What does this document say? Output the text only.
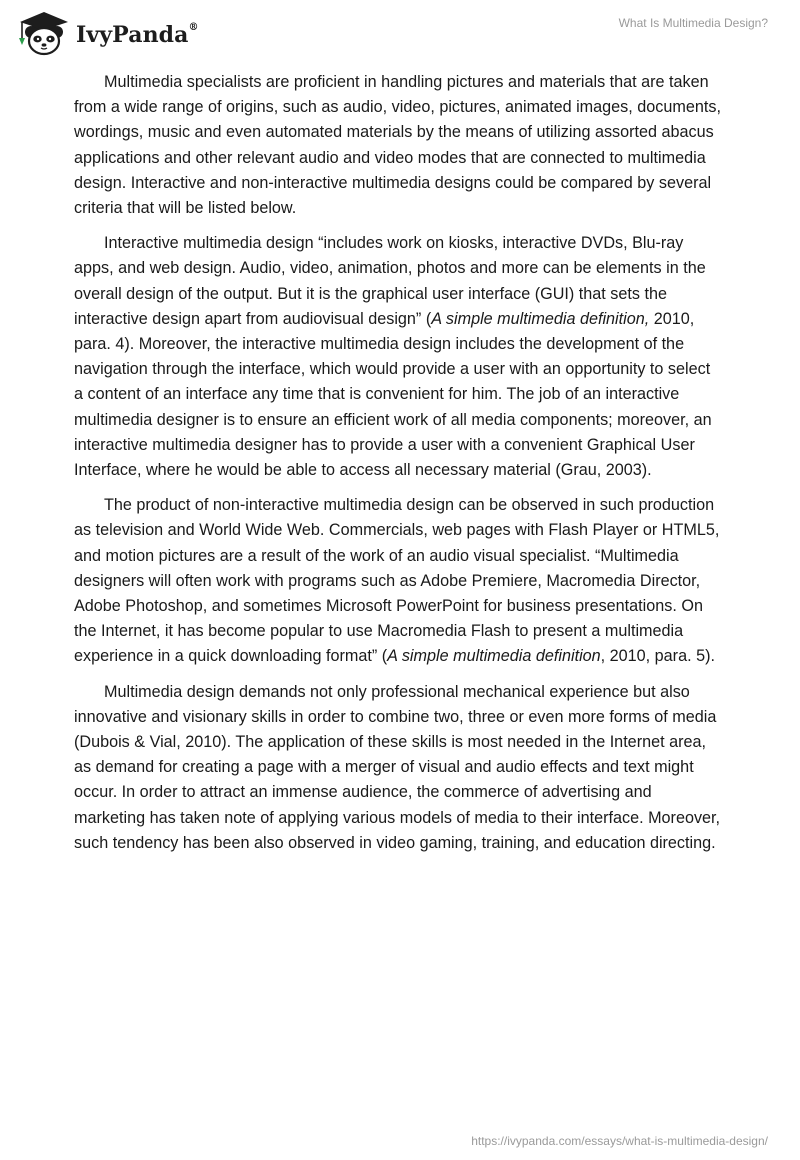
IvyPanda®	What Is Multimedia Design?

Multimedia specialists are proficient in handling pictures and materials that are taken from a wide range of origins, such as audio, video, pictures, animated images, documents, wordings, music and even automated materials by the means of utilizing assorted abacus applications and other relevant audio and video modes that are connected to multimedia design. Interactive and non-interactive multimedia designs could be compared by several criteria that will be listed below.

Interactive multimedia design “includes work on kiosks, interactive DVDs, Blu-ray apps, and web design. Audio, video, animation, photos and more can be elements in the overall design of the output. But it is the graphical user interface (GUI) that sets the interactive design apart from audiovisual design” (A simple multimedia definition, 2010, para. 4). Moreover, the interactive multimedia design includes the development of the navigation through the interface, which would provide a user with an opportunity to select a content of an interface any time that is convenient for him. The job of an interactive multimedia designer is to ensure an efficient work of all media components; moreover, an interactive multimedia designer has to provide a user with a convenient Graphical User Interface, where he would be able to access all necessary material (Grau, 2003).

The product of non-interactive multimedia design can be observed in such production as television and World Wide Web. Commercials, web pages with Flash Player or HTML5, and motion pictures are a result of the work of an audio visual specialist. “Multimedia designers will often work with programs such as Adobe Premiere, Macromedia Director, Adobe Photoshop, and sometimes Microsoft PowerPoint for business presentations. On the Internet, it has become popular to use Macromedia Flash to present a multimedia experience in a quick downloading format” (A simple multimedia definition, 2010, para. 5).

Multimedia design demands not only professional mechanical experience but also innovative and visionary skills in order to combine two, three or even more forms of media (Dubois & Vial, 2010). The application of these skills is most needed in the Internet area, as demand for creating a page with a merger of visual and audio effects and text might occur. In order to attract an immense audience, the commerce of advertising and marketing has taken note of applying various models of media to their interface. Moreover, such tendency has been also observed in video gaming, training, and education directing.

https://ivypanda.com/essays/what-is-multimedia-design/
